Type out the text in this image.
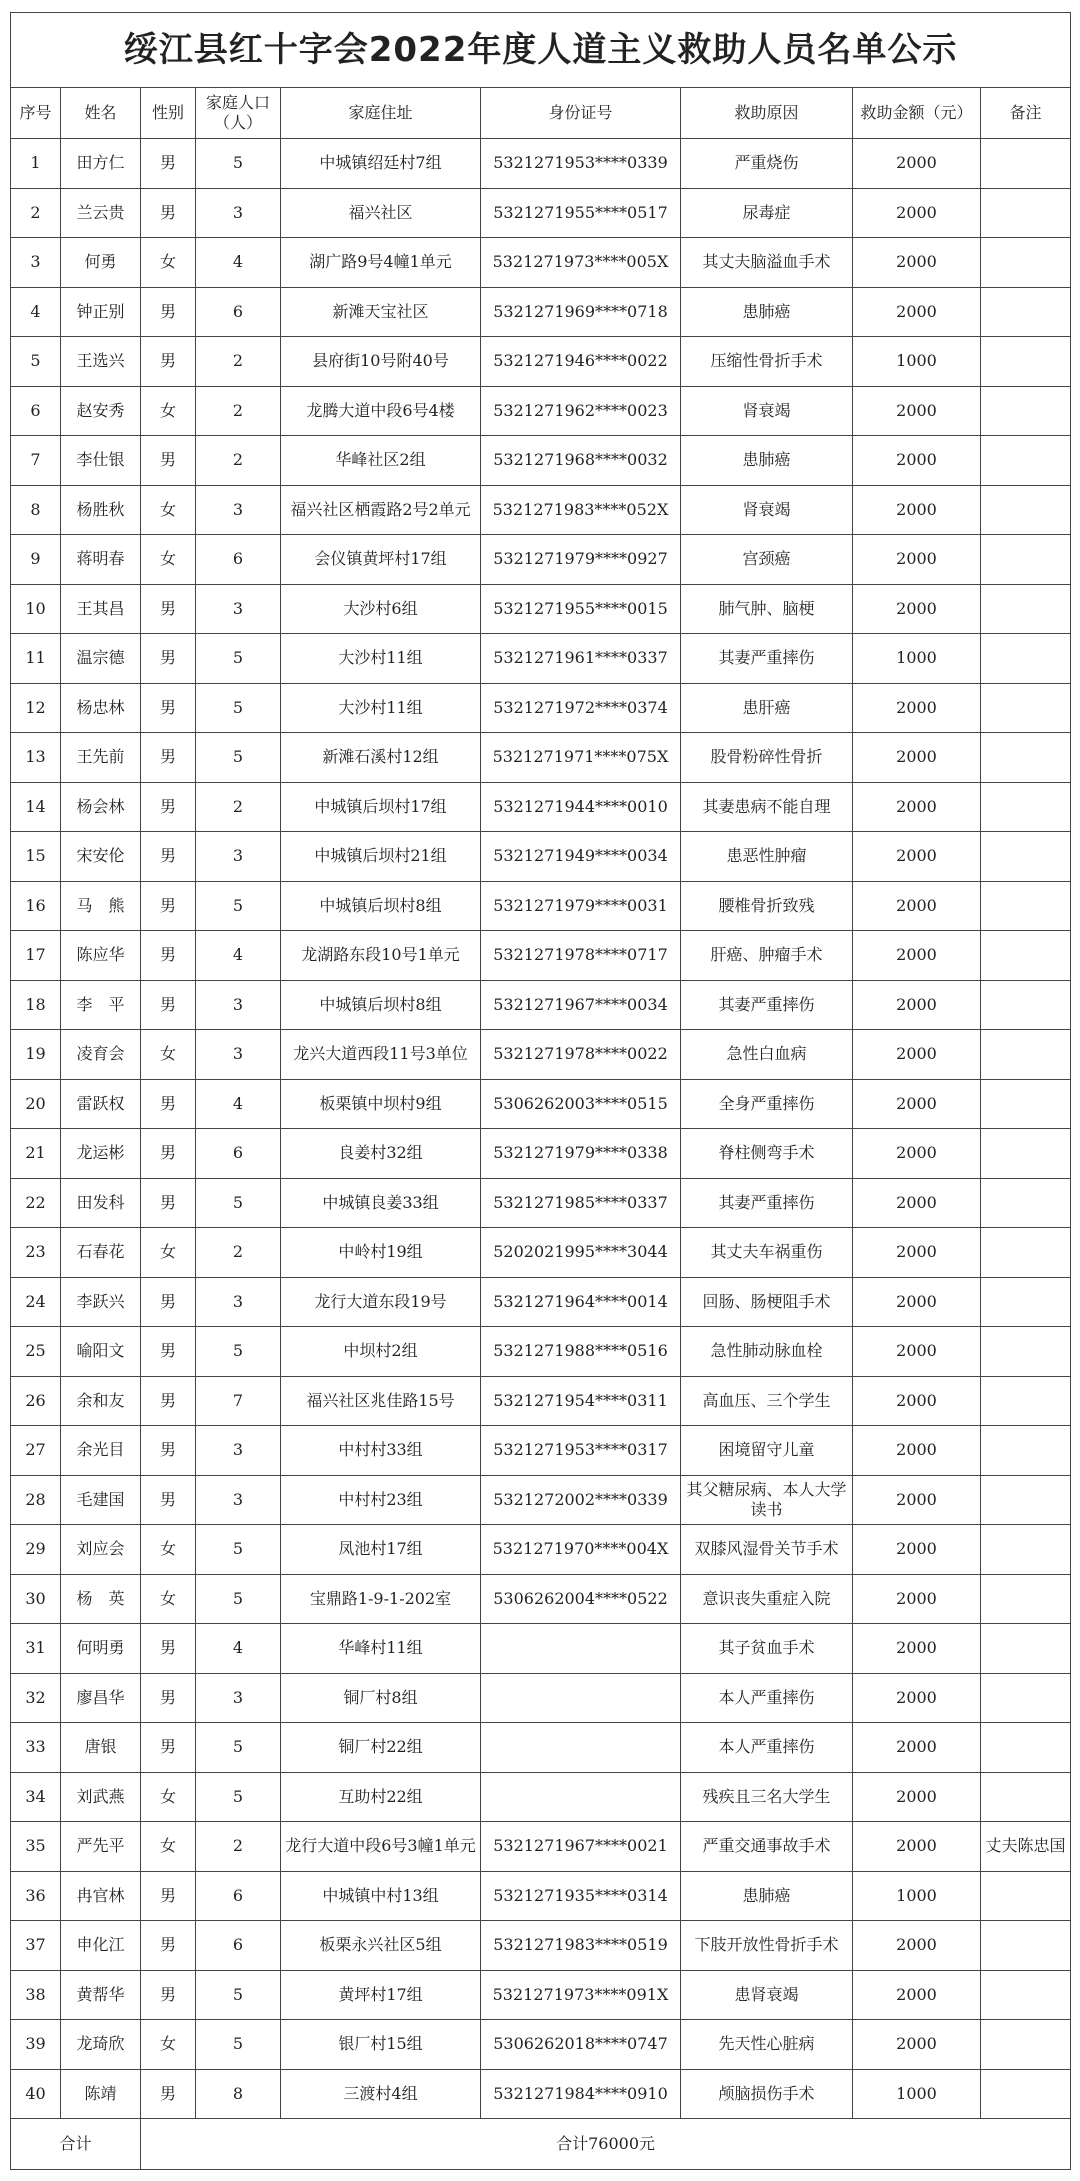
绥江县红十字会2022年度人道主义救助人员名单公示								
序号	姓名	性别	家庭人口（人）	家庭住址	身份证号	救助原因	救助金额（元）	备注
1	田方仁	男	5	中城镇绍廷村7组	5321271953****0339	严重烧伤	2000	
2	兰云贵	男	3	福兴社区	5321271955****0517	尿毒症	2000	
3	何勇	女	4	湖广路9号4幢1单元	5321271973****005X	其丈夫脑溢血手术	2000	
4	钟正别	男	6	新滩天宝社区	5321271969****0718	患肺癌	2000	
5	王选兴	男	2	县府街10号附40号	5321271946****0022	压缩性骨折手术	1000	
6	赵安秀	女	2	龙腾大道中段6号4楼	5321271962****0023	肾衰竭	2000	
7	李仕银	男	2	华峰社区2组	5321271968****0032	患肺癌	2000	
8	杨胜秋	女	3	福兴社区栖霞路2号2单元	5321271983****052X	肾衰竭	2000	
9	蒋明春	女	6	会仪镇黄坪村17组	5321271979****0927	宫颈癌	2000	
10	王其昌	男	3	大沙村6组	5321271955****0015	肺气肿、脑梗	2000	
11	温宗德	男	5	大沙村11组	5321271961****0337	其妻严重摔伤	1000	
12	杨忠林	男	5	大沙村11组	5321271972****0374	患肝癌	2000	
13	王先前	男	5	新滩石溪村12组	5321271971****075X	股骨粉碎性骨折	2000	
14	杨会林	男	2	中城镇后坝村17组	5321271944****0010	其妻患病不能自理	2000	
15	宋安伦	男	3	中城镇后坝村21组	5321271949****0034	患恶性肿瘤	2000	
16	马　熊	男	5	中城镇后坝村8组	5321271979****0031	腰椎骨折致残	2000	
17	陈应华	男	4	龙湖路东段10号1单元	5321271978****0717	肝癌、肿瘤手术	2000	
18	李　平	男	3	中城镇后坝村8组	5321271967****0034	其妻严重摔伤	2000	
19	凌育会	女	3	龙兴大道西段11号3单位	5321271978****0022	急性白血病	2000	
20	雷跃权	男	4	板栗镇中坝村9组	5306262003****0515	全身严重摔伤	2000	
21	龙运彬	男	6	良姜村32组	5321271979****0338	脊柱侧弯手术	2000	
22	田发科	男	5	中城镇良姜33组	5321271985****0337	其妻严重摔伤	2000	
23	石春花	女	2	中岭村19组	5202021995****3044	其丈夫车祸重伤	2000	
24	李跃兴	男	3	龙行大道东段19号	5321271964****0014	回肠、肠梗阻手术	2000	
25	喻阳文	男	5	中坝村2组	5321271988****0516	急性肺动脉血栓	2000	
26	余和友	男	7	福兴社区兆佳路15号	5321271954****0311	高血压、三个学生	2000	
27	余光目	男	3	中村村33组	5321271953****0317	困境留守儿童	2000	
28	毛建国	男	3	中村村23组	5321272002****0339	其父糖尿病、本人大学读书	2000	
29	刘应会	女	5	凤池村17组	5321271970****004X	双膝风湿骨关节手术	2000	
30	杨　英	女	5	宝鼎路1-9-1-202室	5306262004****0522	意识丧失重症入院	2000	
31	何明勇	男	4	华峰村11组		其子贫血手术	2000	
32	廖昌华	男	3	铜厂村8组		本人严重摔伤	2000	
33	唐银	男	5	铜厂村22组		本人严重摔伤	2000	
34	刘武燕	女	5	互助村22组		残疾且三名大学生	2000	
35	严先平	女	2	龙行大道中段6号3幢1单元	5321271967****0021	严重交通事故手术	2000	丈夫陈忠国
36	冉官林	男	6	中城镇中村13组	5321271935****0314	患肺癌	1000	
37	申化江	男	6	板栗永兴社区5组	5321271983****0519	下肢开放性骨折手术	2000	
38	黄帮华	男	5	黄坪村17组	5321271973****091X	患肾衰竭	2000	
39	龙琦欣	女	5	银厂村15组	5306262018****0747	先天性心脏病	2000	
40	陈靖	男	8	三渡村4组	5321271984****0910	颅脑损伤手术	1000	
合计		合计76000元						
